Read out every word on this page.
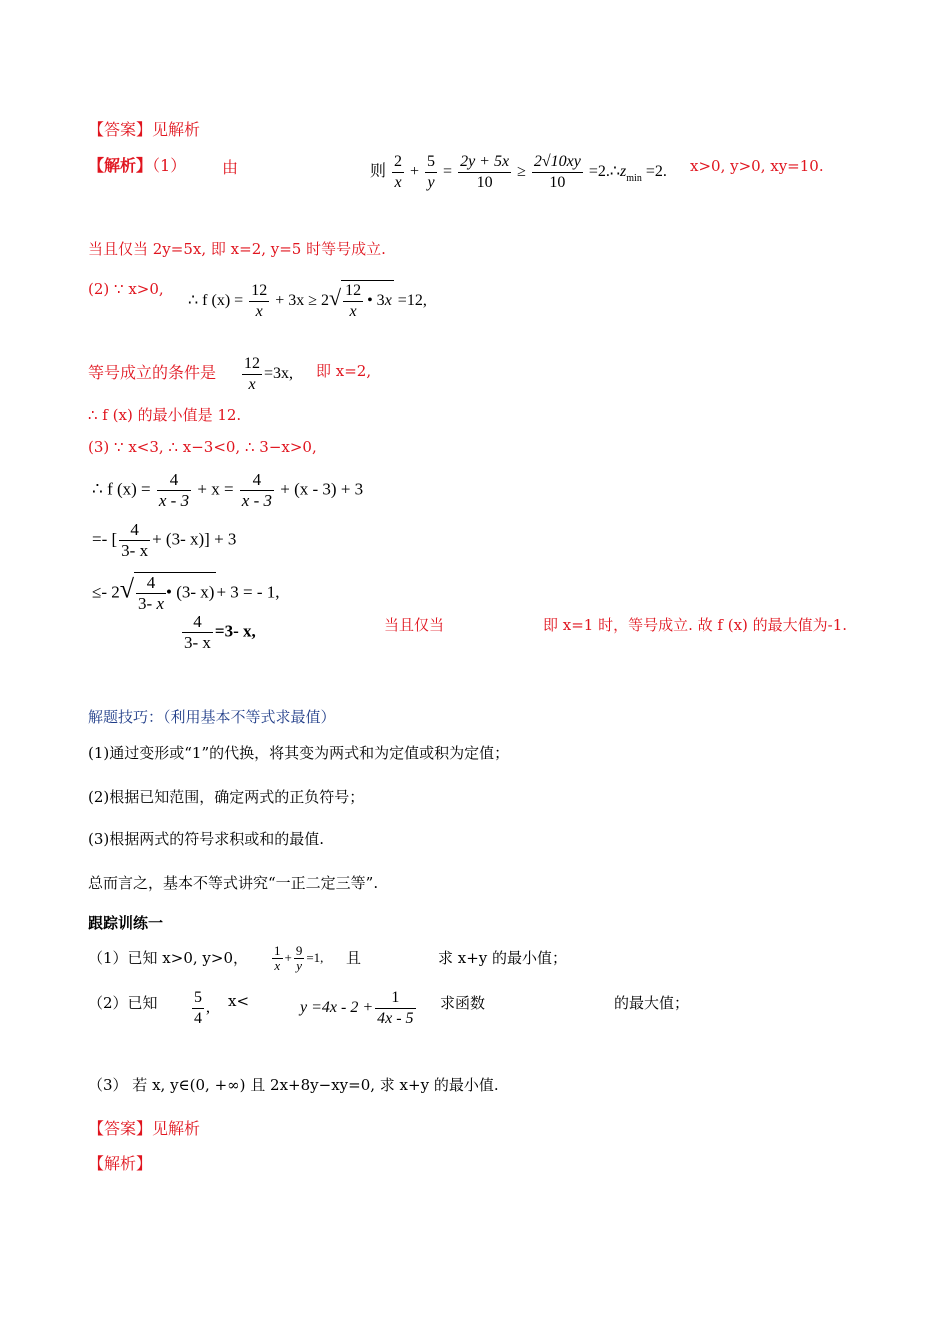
【答案】见解析
【解析】（1） 由	则 $\frac{2}{x} + \frac{5}{y} = \frac{2y + 5x}{10} \ge \frac{2√10xy}{10}$ $=2.\therefore z_{min} =2$. x>0, y>0, xy=10.
当且仅当 2y=5x, 即 x=2, y=5 时等号成立.
(2) ∵ x>0,
∴ f $(x) = \frac{12}{x} + 3x \ge 2√ \frac{12}{x}$ • 3x =12,
等号成立的条件是 $\frac{12}{x} =3x$, 即 x=2,
∴ f (x) 的最小值是 12.
(3) ∵ x<3, ∴ x−3<0, ∴ 3−x>0,
∴ f $(x) = \frac{4}{x - 3} + x = \frac{4}{x - 3} + (x - 3) + 3$
=- [ $\frac{4}{3- x} + (3-$ x)] + 3
≤- $2√ \frac{4}{3- x}$ • (3- x) + 3 = - 1,
$\frac{4}{3- x} =3-$ x,	当且仅当	即 x=1 时，等号成立. 故 f (x) 的最大值为-1.
解题技巧：（利用基本不等式求最值）
(1)通过变形或“1”的代换，将其变为两式和为定值或积为定值；
(2)根据已知范围，确定两式的正负符号；
(3)根据两式的符号求积或和的最值.
总而言之，基本不等式讲究“一正二定三等”.
跟踪训练一
（1）已知 x>0, y>0， $\frac{1}{x} + \frac{9}{y} =1$, 且	求 x+y 的最小值；
（2）已知 $\frac{5}{4}$ , x<	$y =4x - 2 + \frac{1}{4x - 5}$ 求函数	的最大值；
（3） 若 x, y∈(0, +∞) 且 2x+8y−xy=0, 求 x+y 的最小值.
【答案】见解析
【解析】
